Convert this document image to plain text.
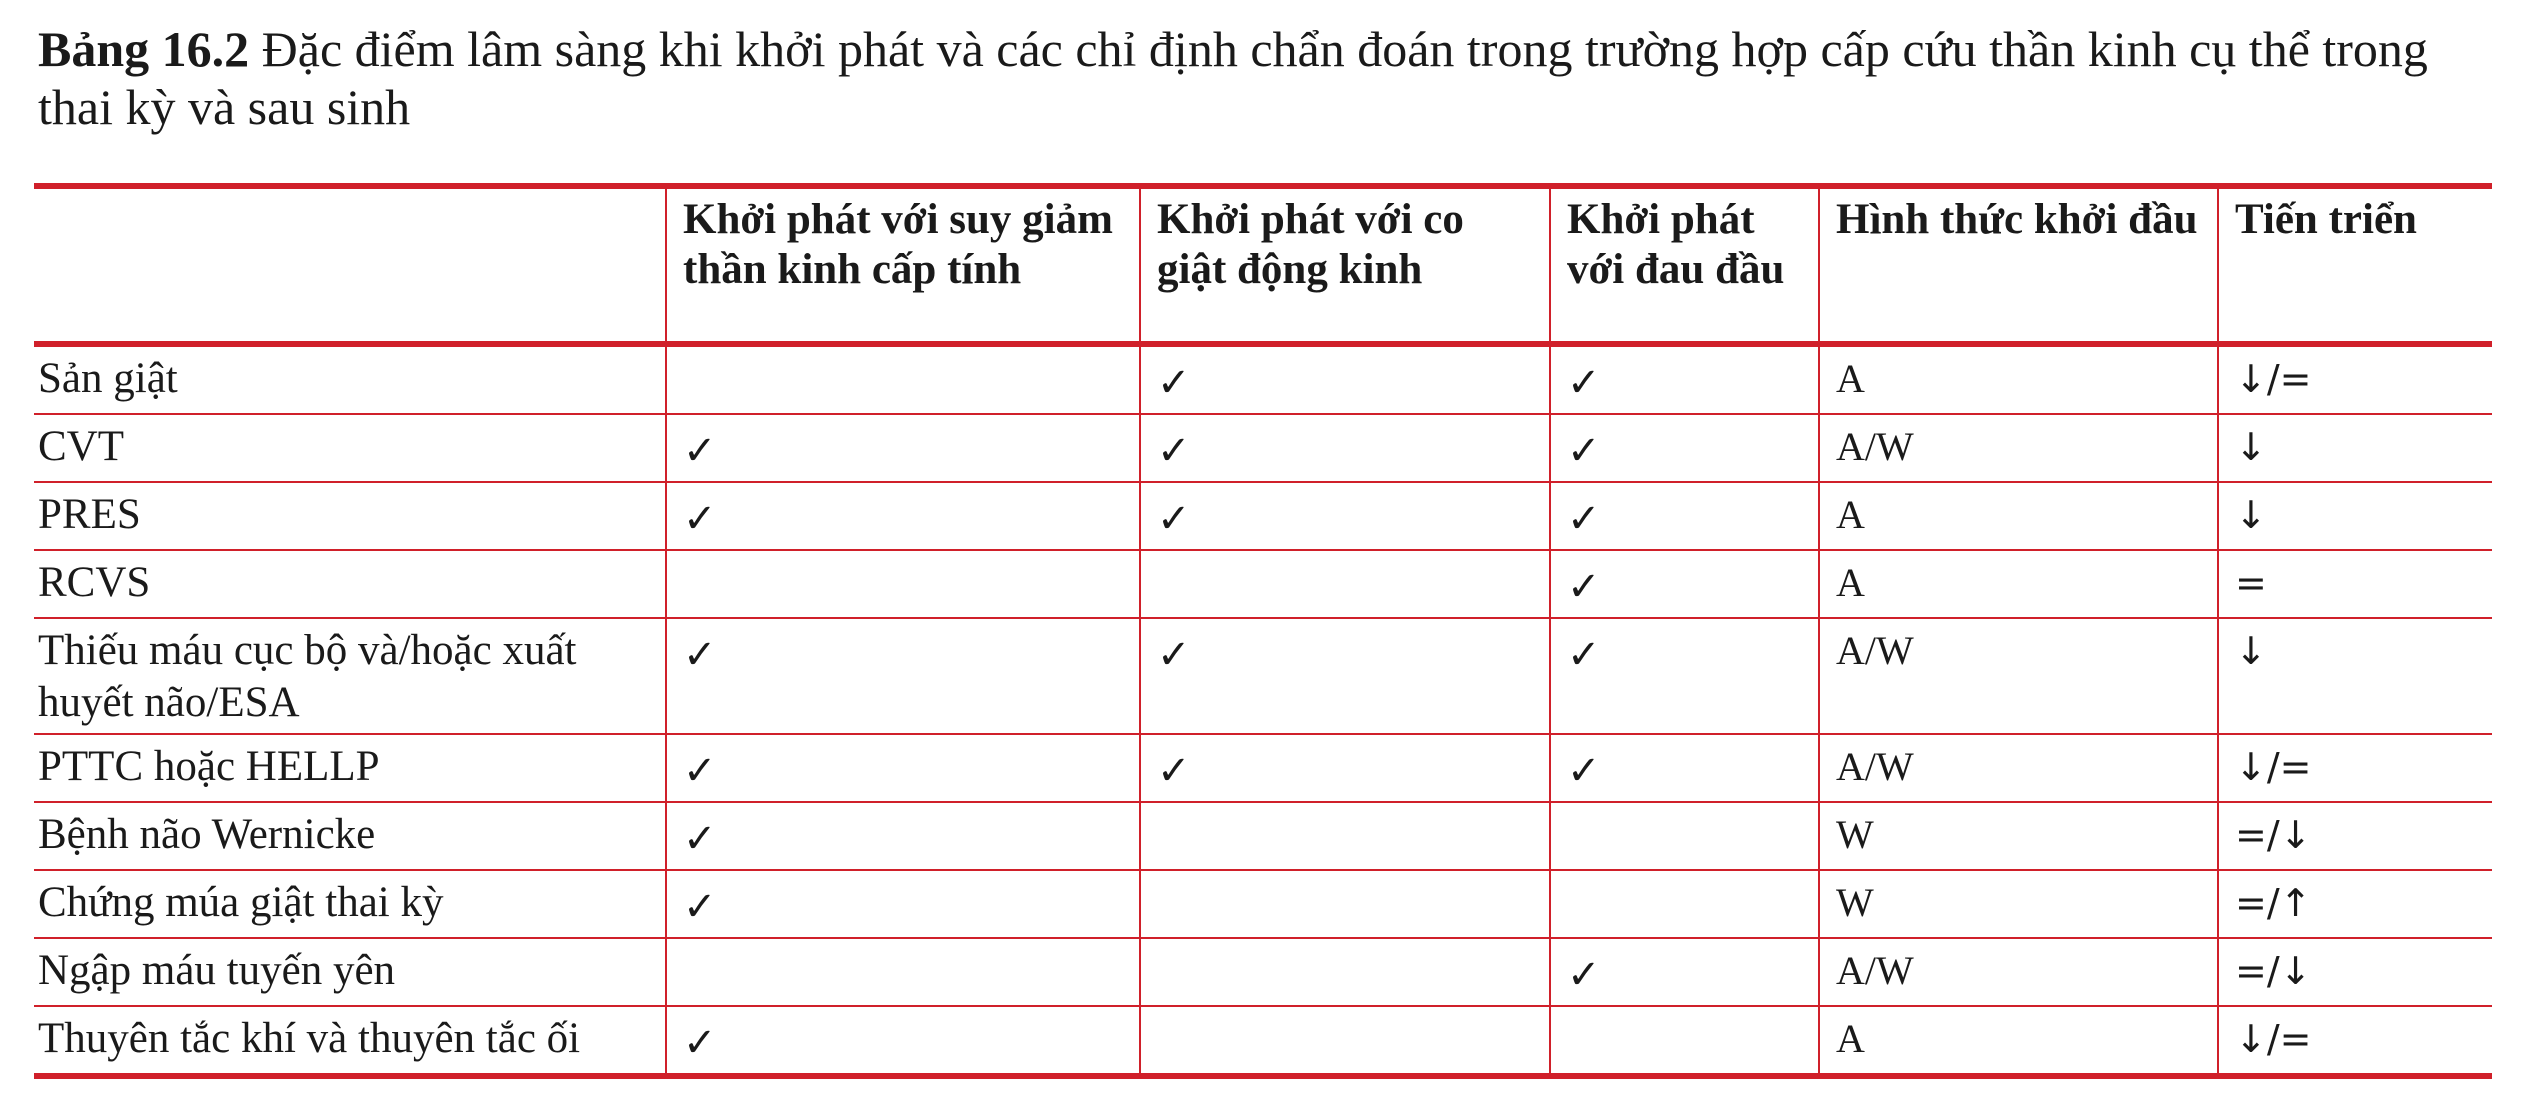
Bảng 16.2 Đặc điểm lâm sàng khi khởi phát và các chỉ định chẩn đoán trong trường hợp cấp cứu thần kinh cụ thể trong thai kỳ và sau sinh
	Khởi phát với suy giảm thần kinh cấp tính	Khởi phát với co giật động kinh	Khởi phát với đau đầu	Hình thức khởi đầu	Tiến triển
Sản giật		✓	✓	A	↓/=
CVT	✓	✓	✓	A/W	↓
PRES	✓	✓	✓	A	↓
RCVS			✓	A	=
Thiếu máu cục bộ và/hoặc xuất huyết não/ESA	✓	✓	✓	A/W	↓
PTTC hoặc HELLP	✓	✓	✓	A/W	↓/=
Bệnh não Wernicke	✓			W	=/↓
Chứng múa giật thai kỳ	✓			W	=/↑
Ngập máu tuyến yên			✓	A/W	=/↓
Thuyên tắc khí và thuyên tắc ối	✓			A	↓/=
